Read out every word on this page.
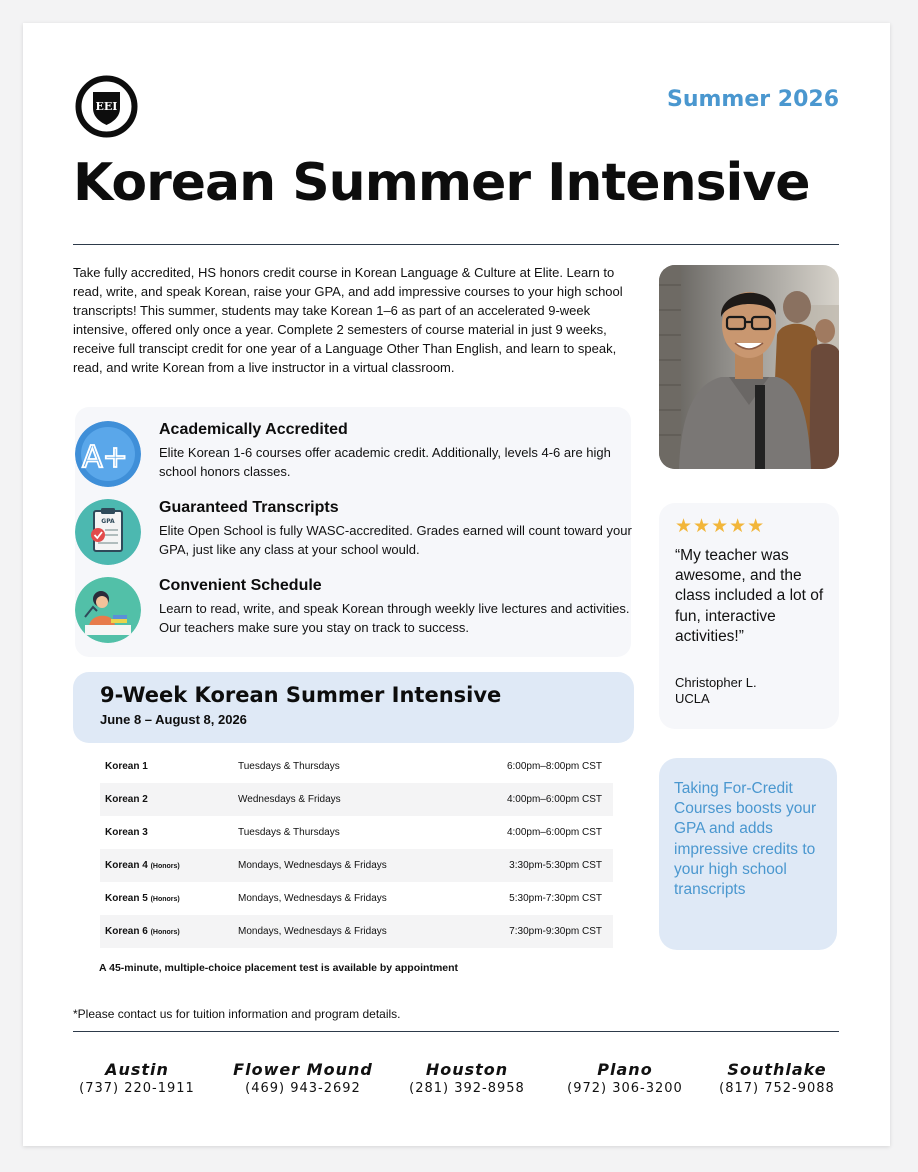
EEI	Summer 2026
Korean Summer Intensive

Take fully accredited, HS honors credit course in Korean Language & Culture at Elite. Learn to read, write, and speak Korean, raise your GPA, and add impressive courses to your high school transcripts! This summer, students may take Korean 1–6 as part of an accelerated 9-week intensive, offered only once a year. Complete 2 semesters of course material in just 9 weeks, receive full transcipt credit for one year of a Language Other Than English, and learn to speak, read, and write Korean from a live instructor in a virtual classroom.

A+
Academically Accredited
Elite Korean 1-6 courses offer academic credit. Additionally, levels 4-6 are high school honors classes.
GPA
Guaranteed Transcripts
Elite Open School is fully WASC-accredited. Grades earned will count toward your GPA, just like any class at your school would.
Convenient Schedule
Learn to read, write, and speak Korean through weekly live lectures and activities. Our teachers make sure you stay on track to success.
★★★★★
“My teacher was awesome, and the class included a lot of fun, interactive activities!”
Christopher L.
UCLA
Taking For-Credit Courses boosts your GPA and adds impressive credits to your high school transcripts
9-Week Korean Summer Intensive
June 8 – August 8, 2026
Korean 1	Tuesdays & Thursdays	6:00pm–8:00pm CST
Korean 2	Wednesdays & Fridays	4:00pm–6:00pm CST
Korean 3	Tuesdays & Thursdays	4:00pm–6:00pm CST
Korean 4 (Honors)	Mondays, Wednesdays & Fridays	3:30pm-5:30pm CST
Korean 5 (Honors)	Mondays, Wednesdays & Fridays	5:30pm-7:30pm CST
Korean 6 (Honors)	Mondays, Wednesdays & Fridays	7:30pm-9:30pm CST
A 45-minute, multiple-choice placement test is available by appointment
*Please contact us for tuition information and program details.
Austin
(737) 220-1911
Flower Mound
(469) 943-2692
Houston
(281) 392-8958
Plano
(972) 306-3200
Southlake
(817) 752-9088
